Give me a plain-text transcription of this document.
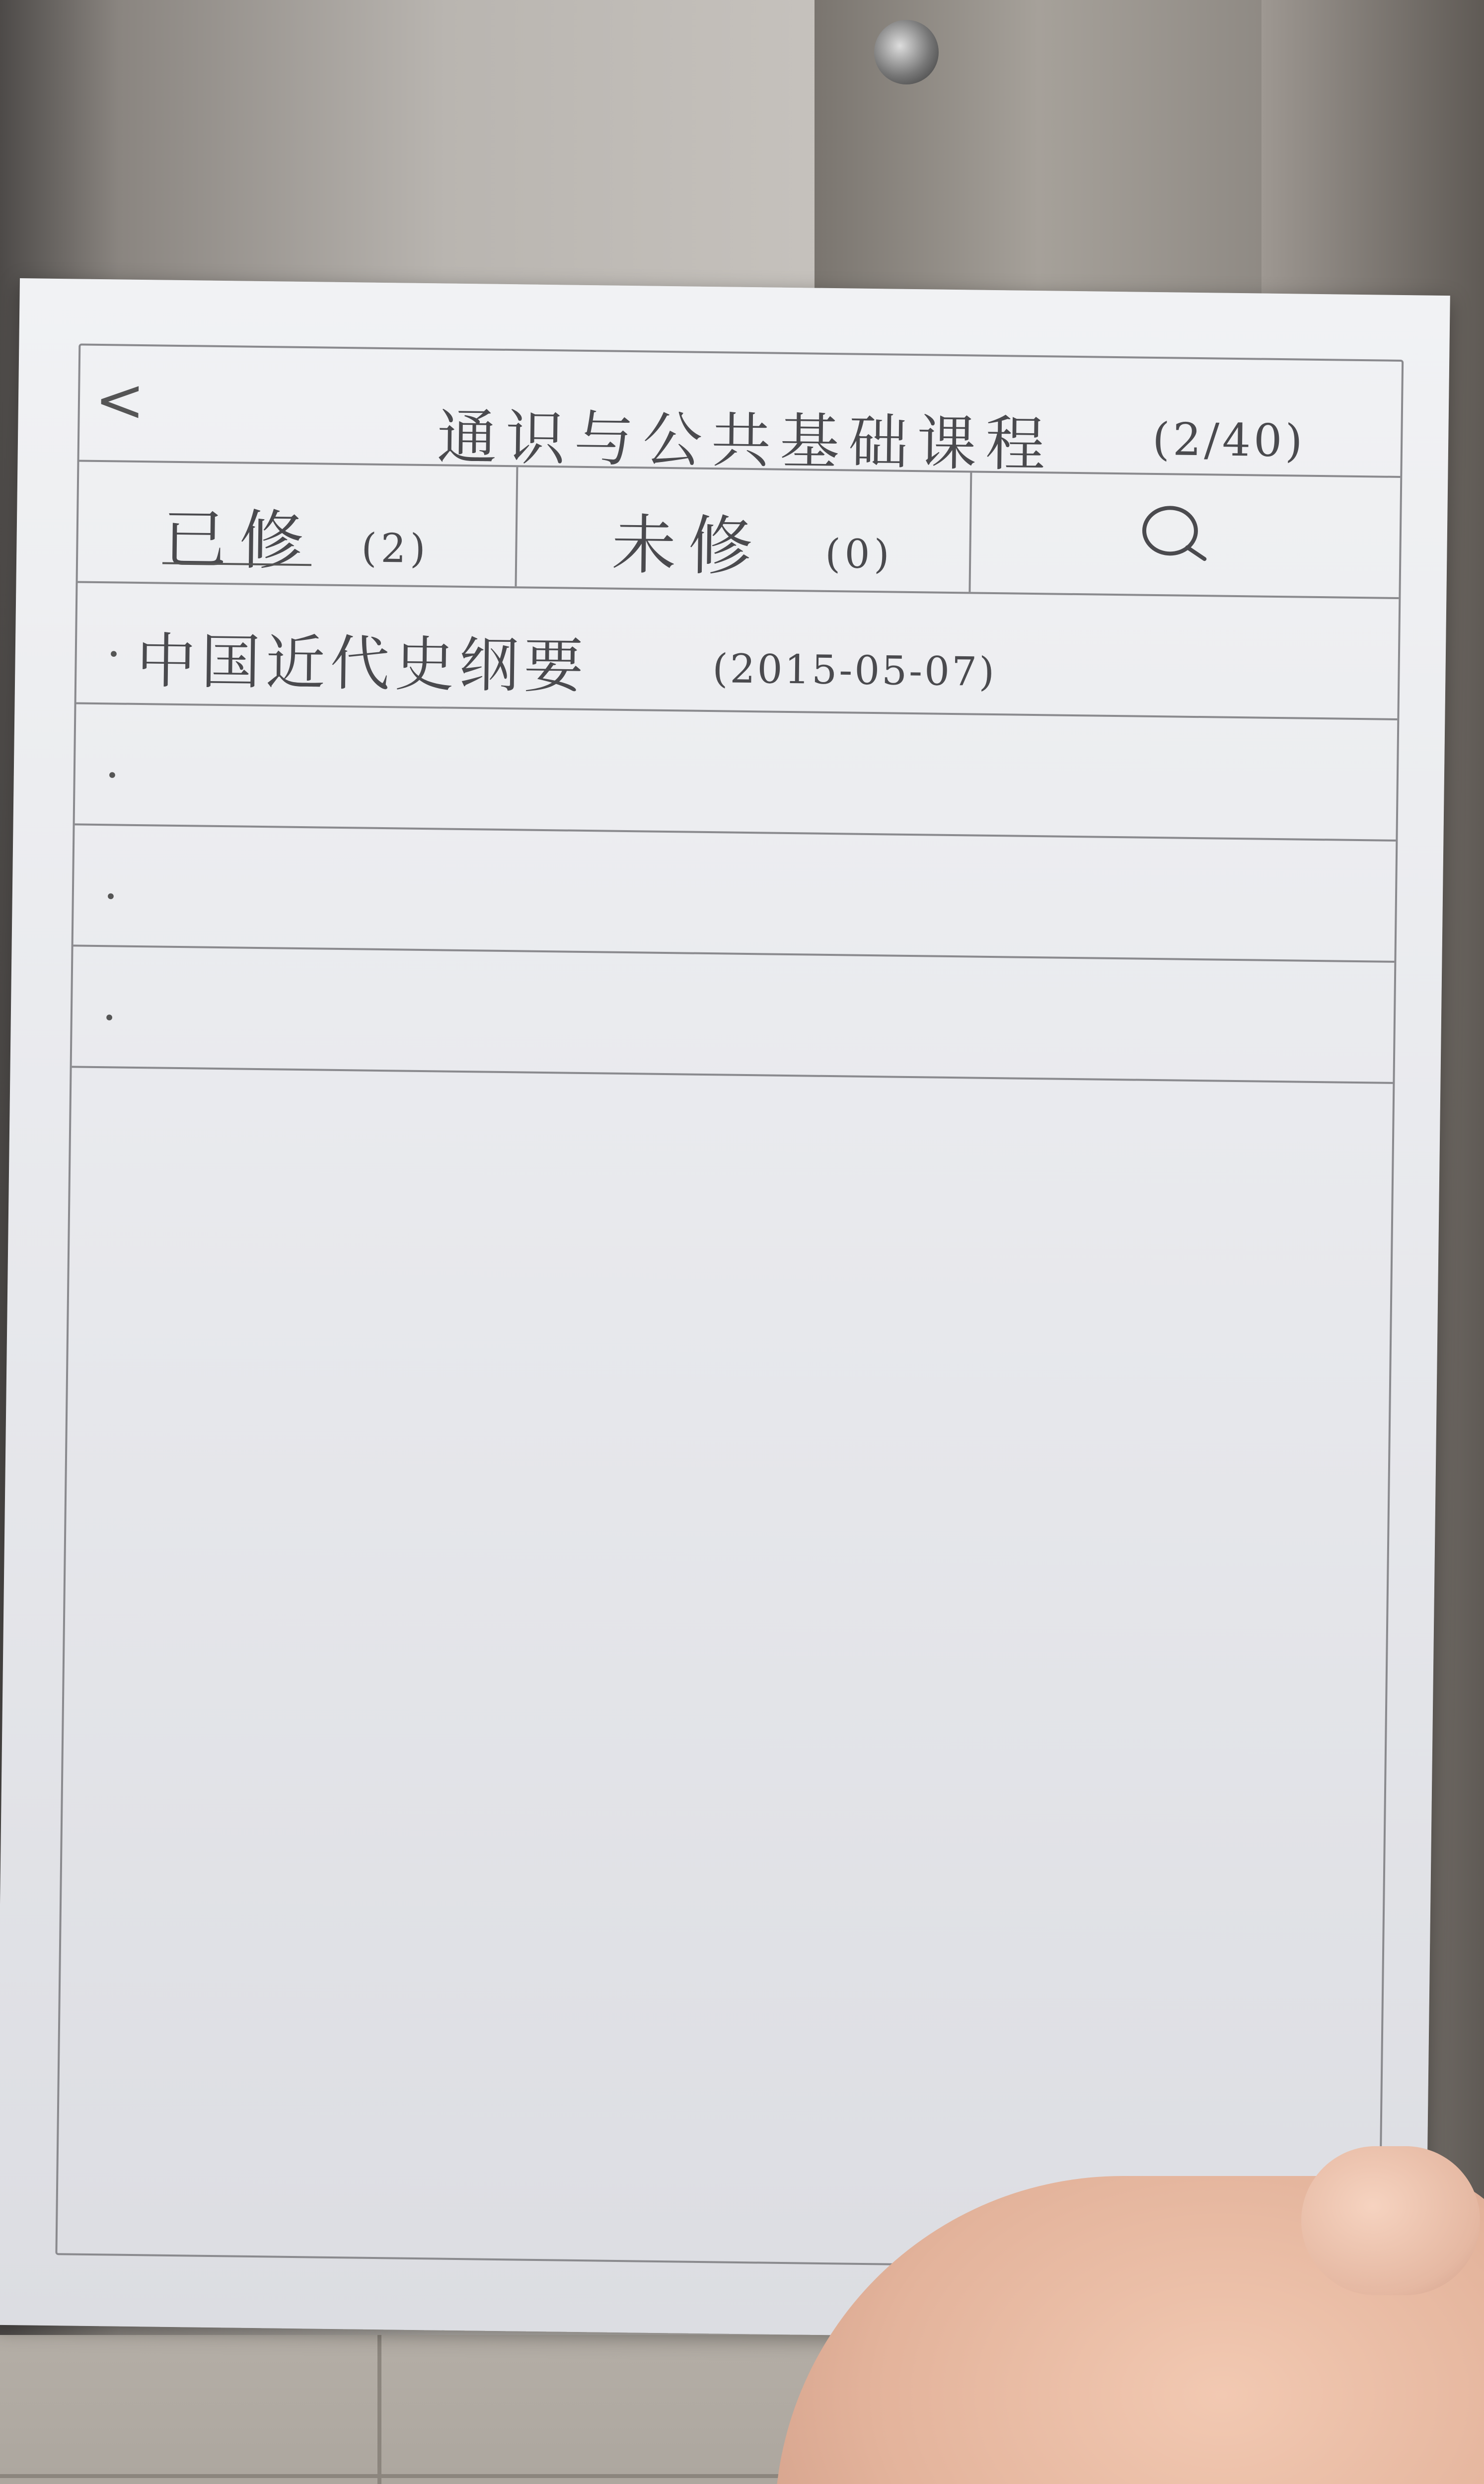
<
通识与公共基础课程 (2/40)
已修 (2)	未修 (0)
· 中国近代史纲要	(2015-05-07)
·
·
·
